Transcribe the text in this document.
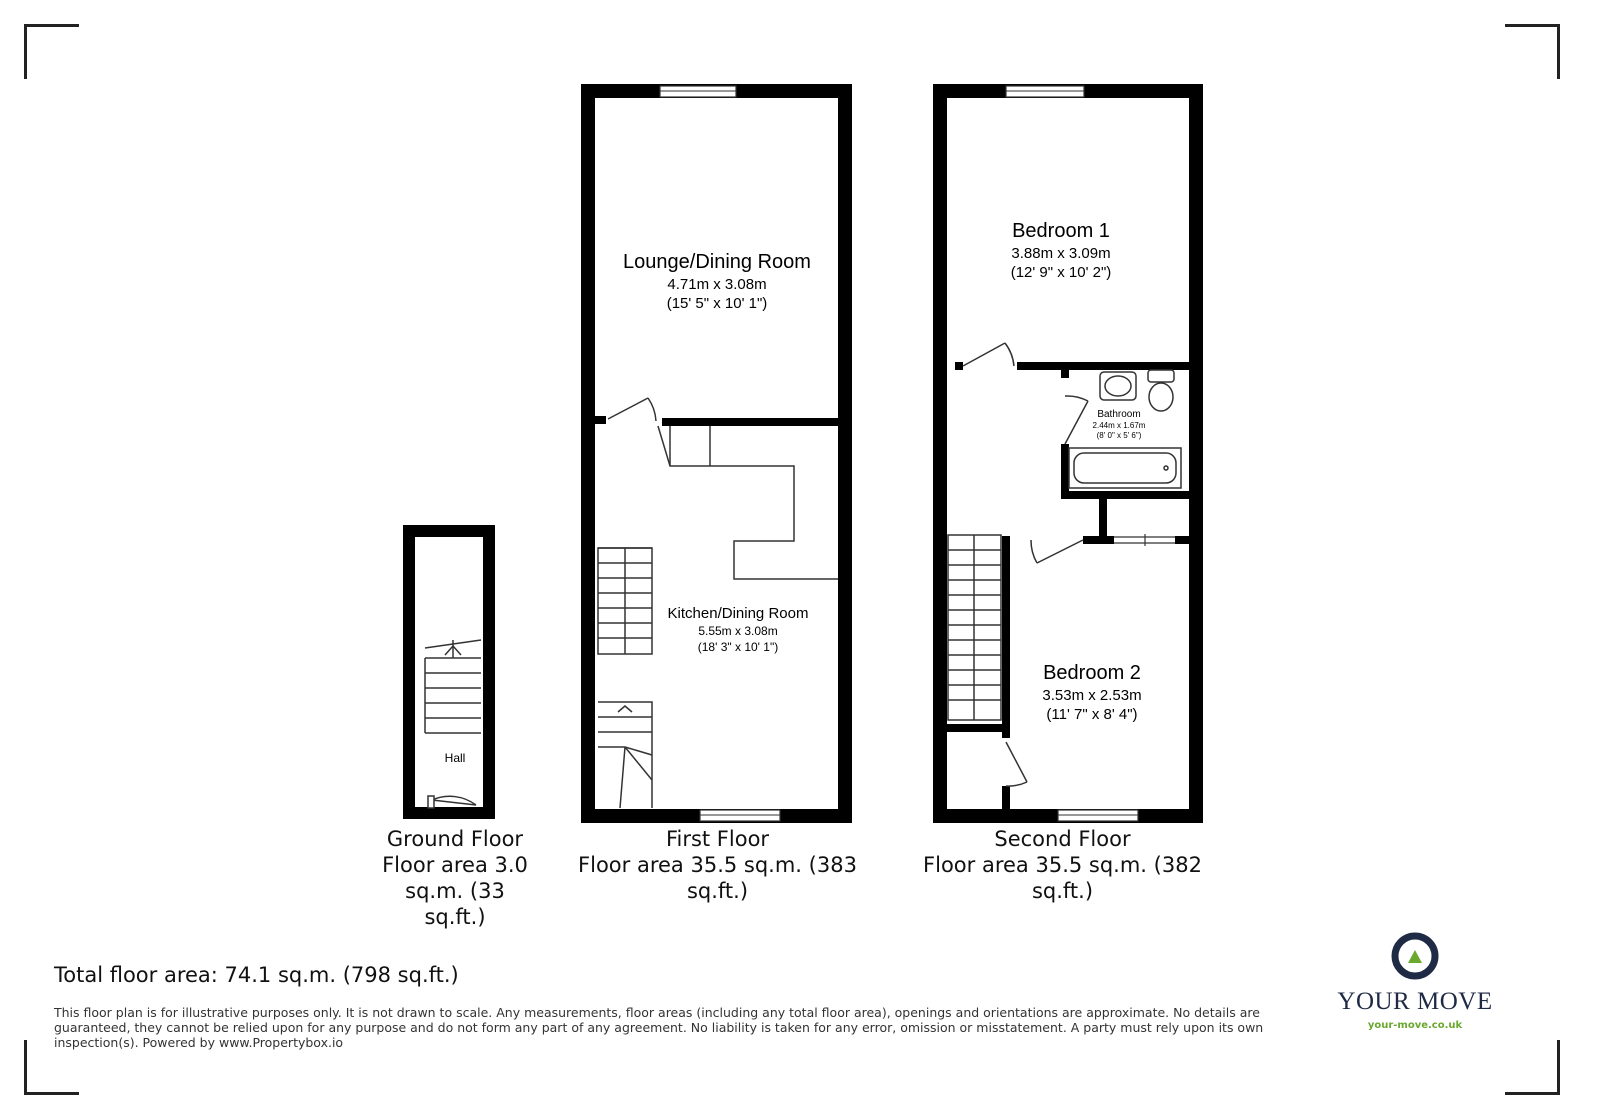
Hall
Lounge/Dining Room
4.71m x 3.08m
(15' 5" x 10' 1")
Kitchen/Dining Room
5.55m x 3.08m
(18' 3" x 10' 1")
Bathroom
2.44m x 1.67m
(8' 0" x 5' 6")
Bedroom 1
3.88m x 3.09m
(12' 9" x 10' 2")
Bedroom 2
3.53m x 2.53m
(11' 7" x 8' 4")
Ground Floor
Floor area 3.0
sq.m. (33
sq.ft.)
First Floor
Floor area 35.5 sq.m. (383
sq.ft.)
Second Floor
Floor area 35.5 sq.m. (382
sq.ft.)
Total floor area: 74.1 sq.m. (798 sq.ft.)
This floor plan is for illustrative purposes only. It is not drawn to scale. Any measurements, floor areas (including any total floor area), openings and orientations are approximate. No details are guaranteed, they cannot be relied upon for any purpose and do not form any part of any agreement. No liability is taken for any error, omission or misstatement. A party must rely upon its own inspection(s). Powered by www.Propertybox.io
YOUR MOVE
your-move.co.uk
